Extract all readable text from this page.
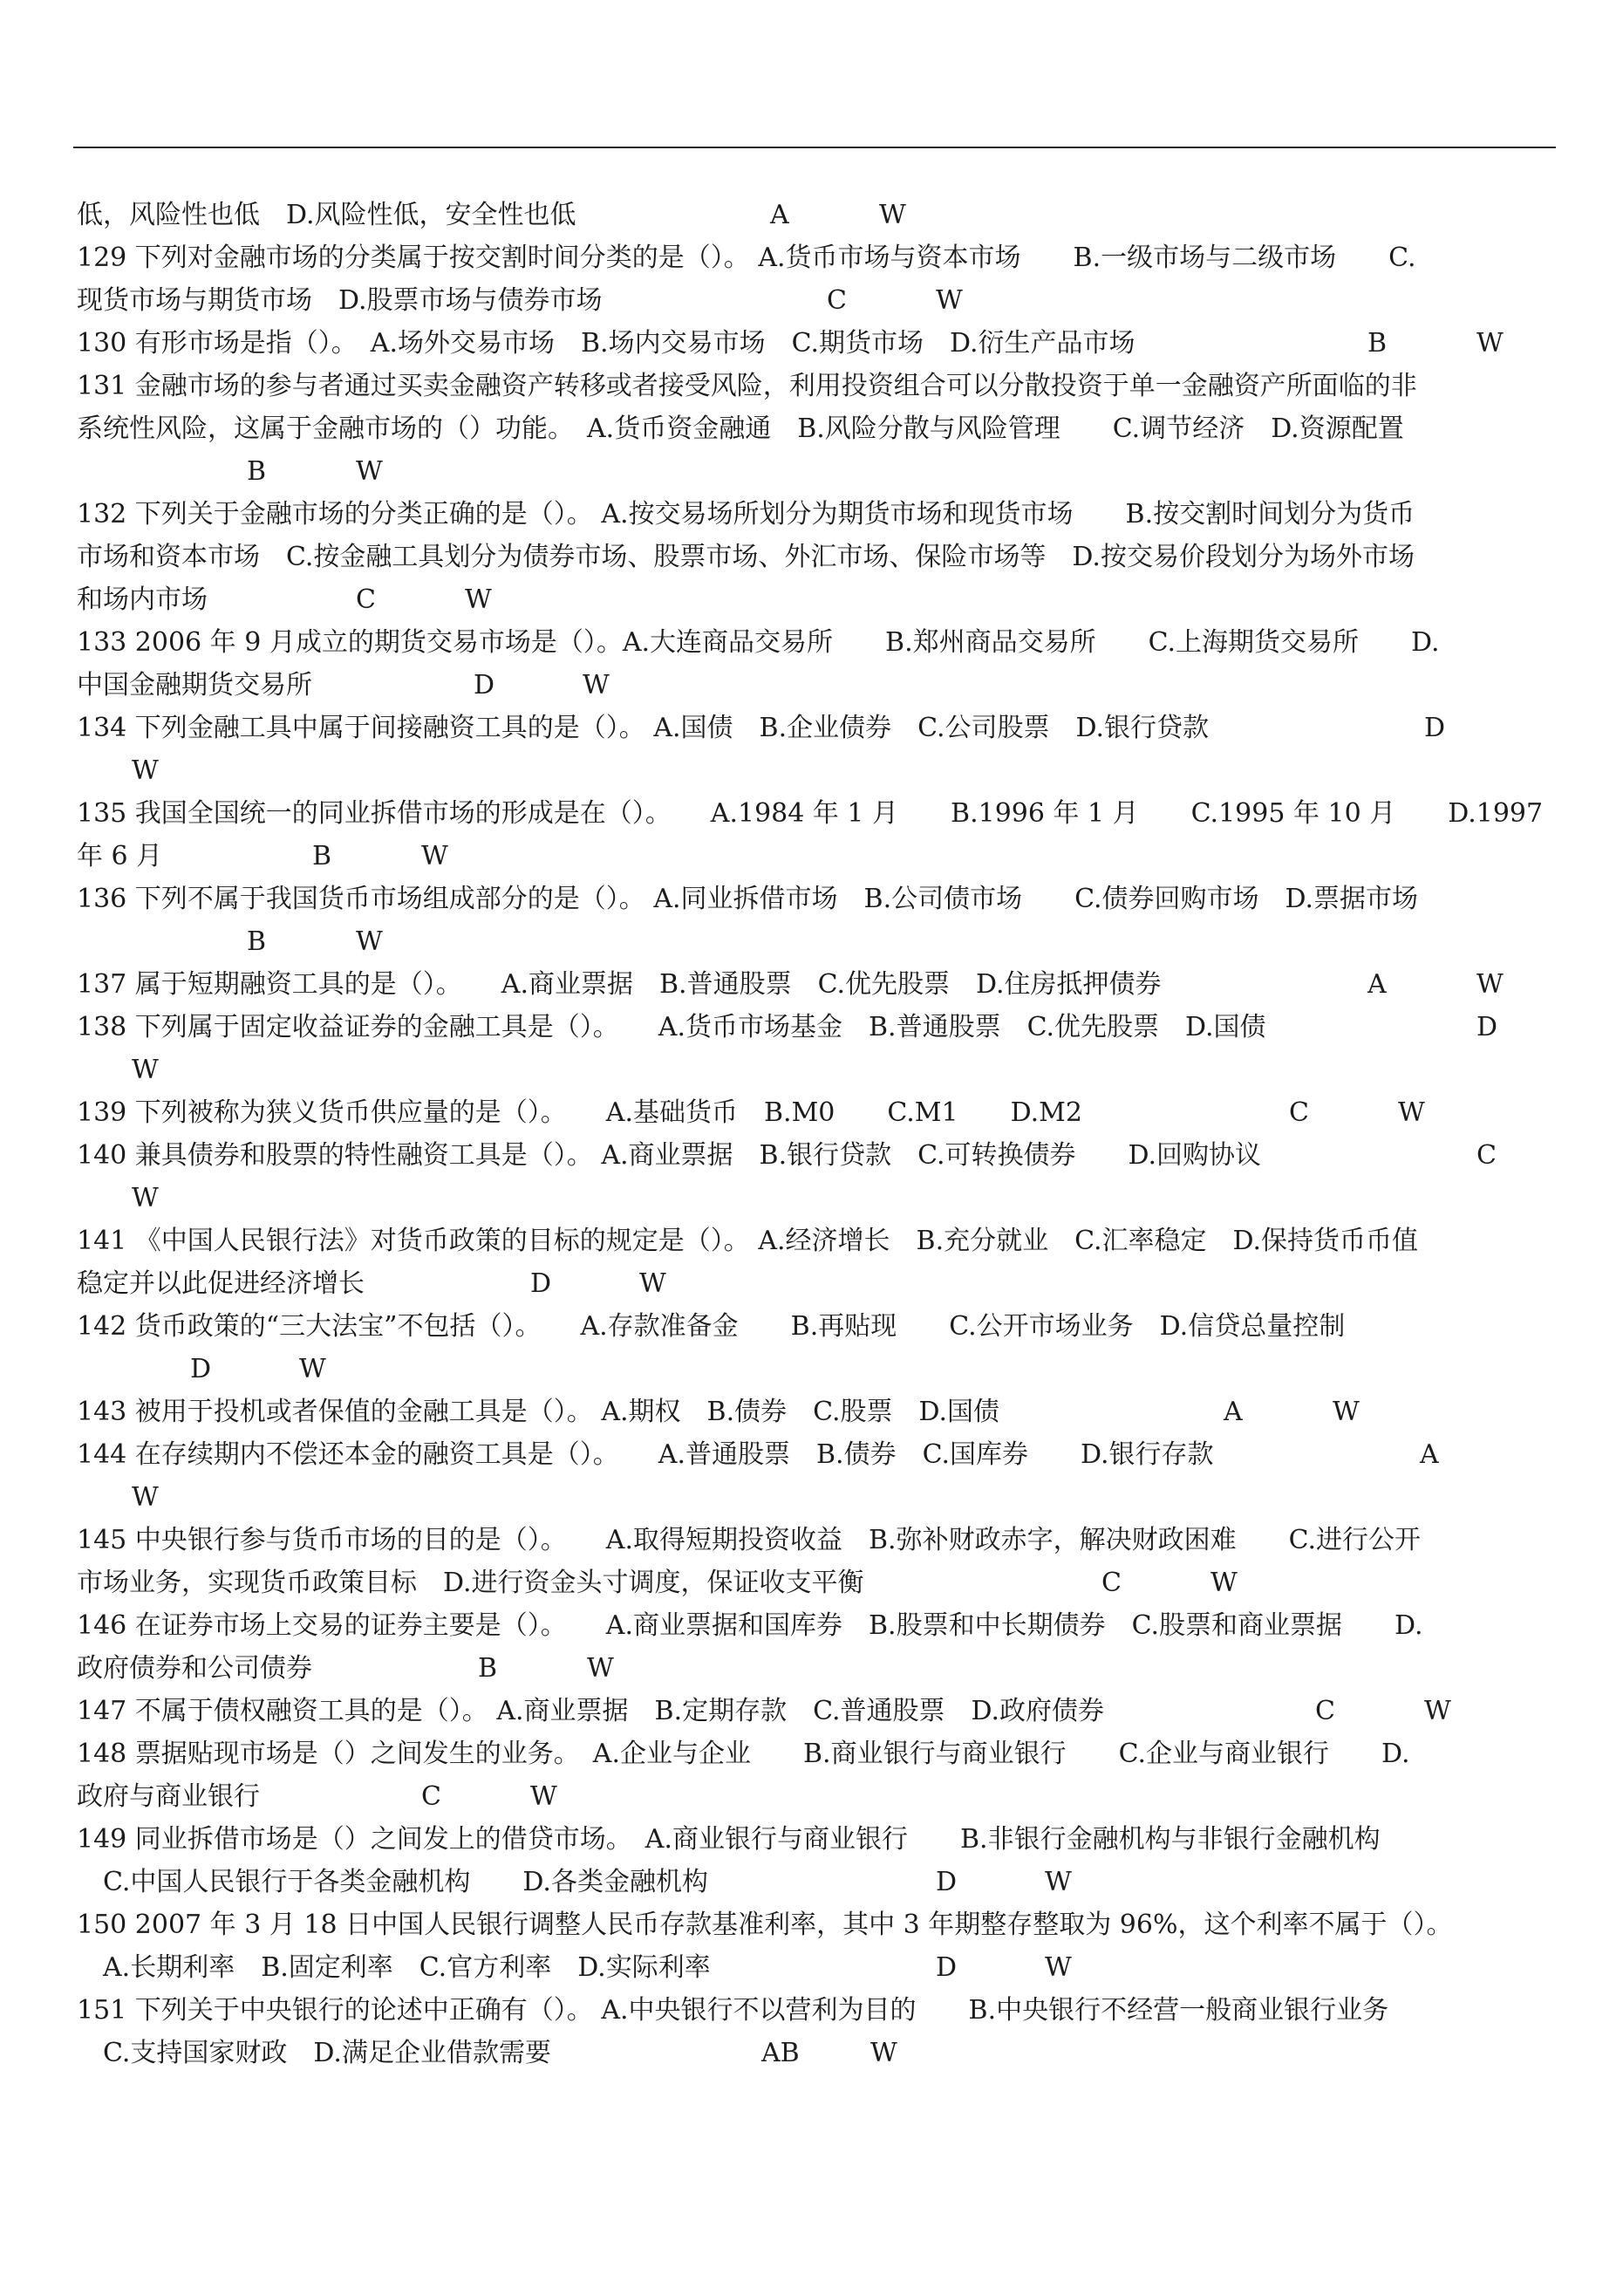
低，风险性也低　D.风险性低，安全性也低	A	W
129 下列对金融市场的分类属于按交割时间分类的是（）。 A.货币市场与资本市场　　B.一级市场与二级市场　　C.
现货市场与期货市场　D.股票市场与债券市场	C	W
130 有形市场是指（）。　A.场外交易市场　B.场内交易市场　C.期货市场　D.衍生产品市场	B	W
131 金融市场的参与者通过买卖金融资产转移或者接受风险，利用投资组合可以分散投资于单一金融资产所面临的非
系统性风险，这属于金融市场的（）功能。　A.货币资金融通　B.风险分散与风险管理　　C.调节经济　D.资源配置
B	W
132 下列关于金融市场的分类正确的是（）。 A.按交易场所划分为期货市场和现货市场　　B.按交割时间划分为货币
市场和资本市场　C.按金融工具划分为债券市场、股票市场、外汇市场、保险市场等　D.按交易价段划分为场外市场
和场内市场	C	W
133 2006 年 9 月成立的期货交易市场是（）。A.大连商品交易所　　B.郑州商品交易所　　C.上海期货交易所　　D.
中国金融期货交易所	D	W
134 下列金融工具中属于间接融资工具的是（）。 A.国债　B.企业债券　C.公司股票　D.银行贷款	D
W
135 我国全国统一的同业拆借市场的形成是在（）。　　A.1984 年 1 月　　B.1996 年 1 月　　C.1995 年 10 月　　D.1997
年 6 月	B	W
136 下列不属于我国货币市场组成部分的是（）。 A.同业拆借市场　B.公司债市场　　C.债券回购市场　D.票据市场
B	W
137 属于短期融资工具的是（）。　　A.商业票据　B.普通股票　C.优先股票　D.住房抵押债券	A	W
138 下列属于固定收益证券的金融工具是（）。　　A.货币市场基金　B.普通股票　C.优先股票　D.国债	D
W
139 下列被称为狭义货币供应量的是（）。　　A.基础货币　B.M0　　C.M1　　D.M2	C	W
140 兼具债券和股票的特性融资工具是（）。 A.商业票据　B.银行贷款　C.可转换债券　　D.回购协议	C
W
141 《中国人民银行法》对货币政策的目标的规定是（）。 A.经济增长　B.充分就业　C.汇率稳定　D.保持货币币值
稳定并以此促进经济增长	D	W
142 货币政策的“三大法宝”不包括（）。　　A.存款准备金　　B.再贴现　　C.公开市场业务　D.信贷总量控制
D	W
143 被用于投机或者保值的金融工具是（）。 A.期权　B.债券　C.股票　D.国债	A	W
144 在存续期内不偿还本金的融资工具是（）。　　A.普通股票　B.债券　C.国库券　　D.银行存款	A
W
145 中央银行参与货币市场的目的是（）。　　A.取得短期投资收益　B.弥补财政赤字，解决财政困难　　C.进行公开
市场业务，实现货币政策目标　D.进行资金头寸调度，保证收支平衡	C	W
146 在证券市场上交易的证券主要是（）。　　A.商业票据和国库券　B.股票和中长期债券　C.股票和商业票据　　D.
政府债券和公司债券	B	W
147 不属于债权融资工具的是（）。 A.商业票据　B.定期存款　C.普通股票　D.政府债券	C	W
148 票据贴现市场是（）之间发生的业务。　A.企业与企业　　B.商业银行与商业银行　　C.企业与商业银行　　D.
政府与商业银行	C	W
149 同业拆借市场是（）之间发上的借贷市场。　A.商业银行与商业银行　　B.非银行金融机构与非银行金融机构
　C.中国人民银行于各类金融机构　　D.各类金融机构	D	W
150 2007 年 3 月 18 日中国人民银行调整人民币存款基准利率，其中 3 年期整存整取为 96%，这个利率不属于（）。
　A.长期利率　B.固定利率　C.官方利率　D.实际利率	D	W
151 下列关于中央银行的论述中正确有（）。 A.中央银行不以营利为目的　　B.中央银行不经营一般商业银行业务
　C.支持国家财政　D.满足企业借款需要	AB	W
